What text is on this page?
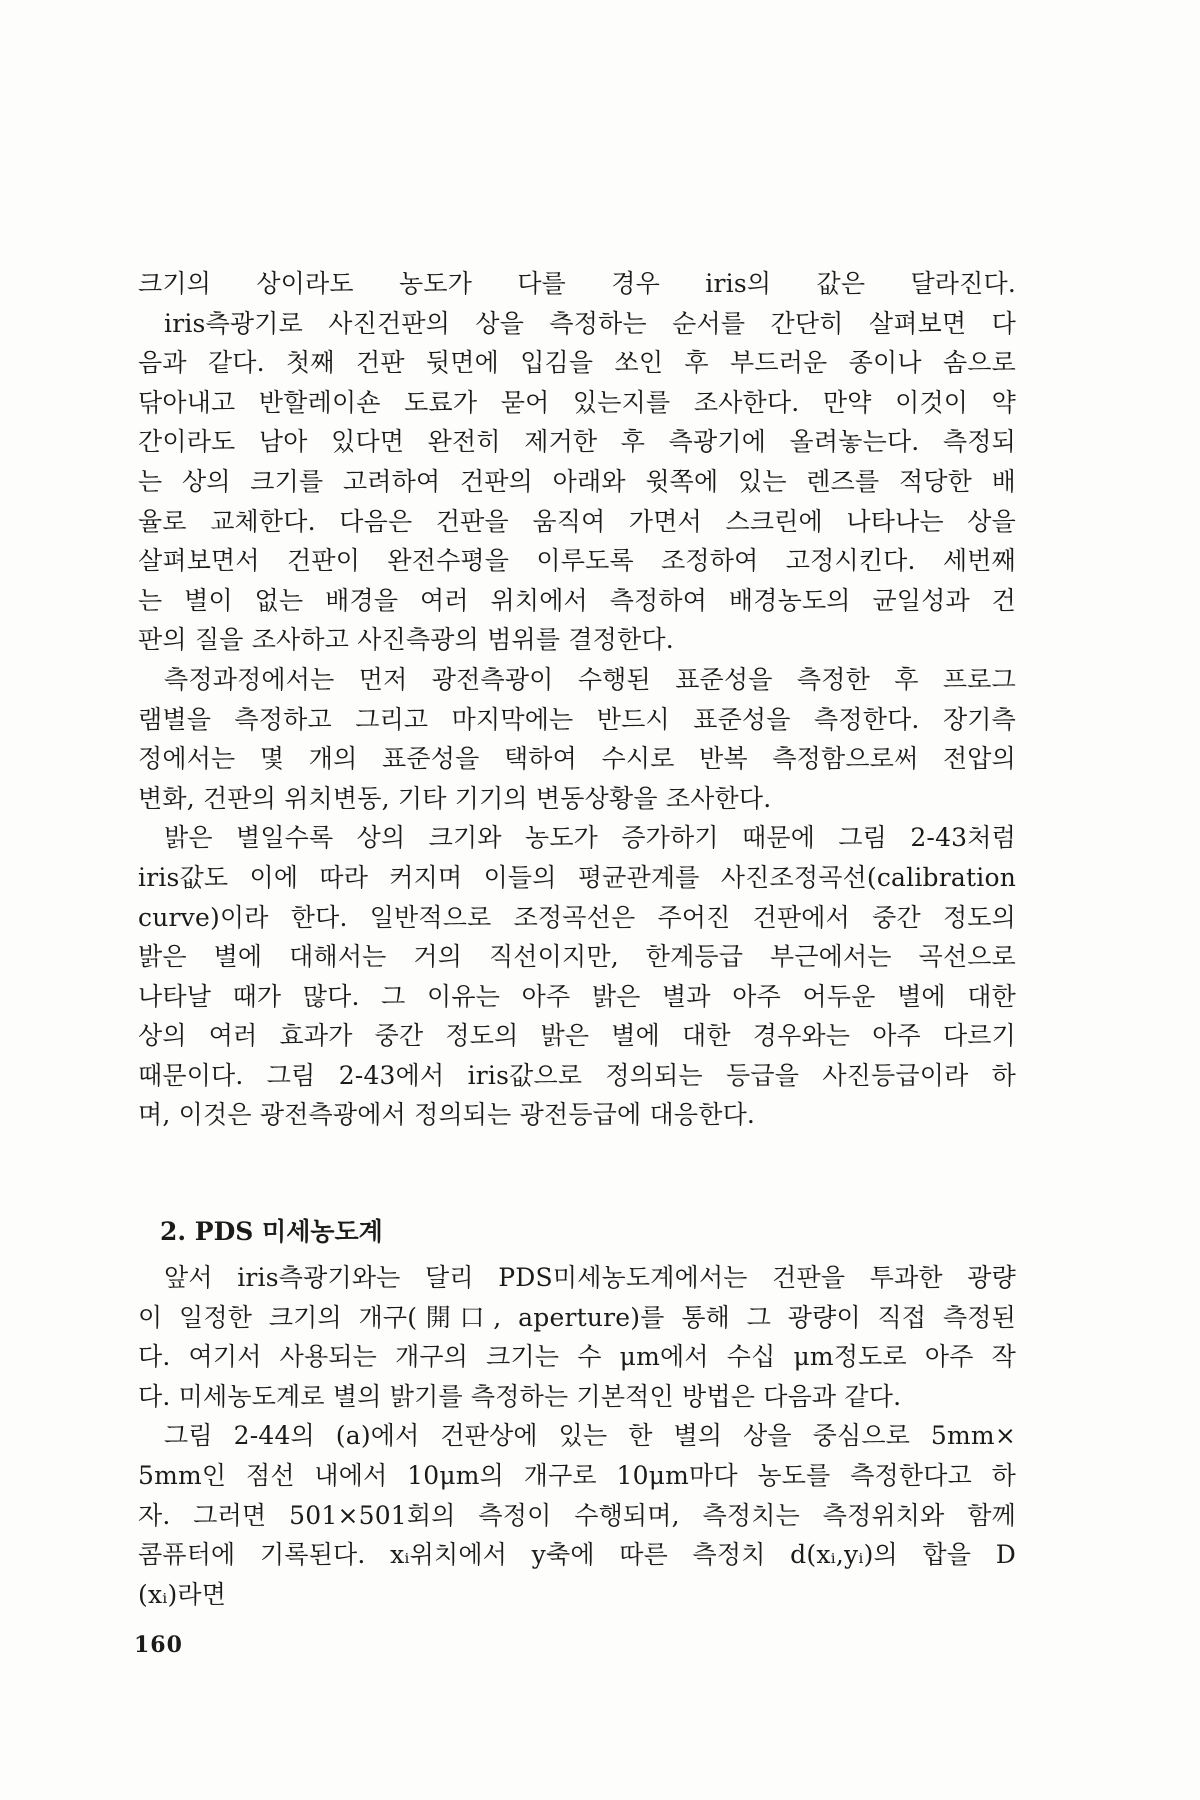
크기의 상이라도 농도가 다를 경우 iris의 값은 달라진다.
iris측광기로 사진건판의 상을 측정하는 순서를 간단히 살펴보면 다
음과 같다. 첫째 건판 뒷면에 입김을 쏘인 후 부드러운 종이나 솜으로
닦아내고 반할레이숀 도료가 묻어 있는지를 조사한다. 만약 이것이 약
간이라도 남아 있다면 완전히 제거한 후 측광기에 올려놓는다. 측정되
는 상의 크기를 고려하여 건판의 아래와 윗쪽에 있는 렌즈를 적당한 배
율로 교체한다. 다음은 건판을 움직여 가면서 스크린에 나타나는 상을
살펴보면서 건판이 완전수평을 이루도록 조정하여 고정시킨다. 세번째
는 별이 없는 배경을 여러 위치에서 측정하여 배경농도의 균일성과 건
판의 질을 조사하고 사진측광의 범위를 결정한다.
측정과정에서는 먼저 광전측광이 수행된 표준성을 측정한 후 프로그
램별을 측정하고 그리고 마지막에는 반드시 표준성을 측정한다. 장기측
정에서는 몇 개의 표준성을 택하여 수시로 반복 측정함으로써 전압의
변화, 건판의 위치변동, 기타 기기의 변동상황을 조사한다.
밝은 별일수록 상의 크기와 농도가 증가하기 때문에 그림 2-43처럼
iris값도 이에 따라 커지며 이들의 평균관계를 사진조정곡선(calibration
curve)이라 한다. 일반적으로 조정곡선은 주어진 건판에서 중간 정도의
밝은 별에 대해서는 거의 직선이지만, 한계등급 부근에서는 곡선으로
나타날 때가 많다. 그 이유는 아주 밝은 별과 아주 어두운 별에 대한
상의 여러 효과가 중간 정도의 밝은 별에 대한 경우와는 아주 다르기
때문이다. 그림 2-43에서 iris값으로 정의되는 등급을 사진등급이라 하
며, 이것은 광전측광에서 정의되는 광전등급에 대응한다.
2. PDS 미세농도계
앞서 iris측광기와는 달리 PDS미세농도계에서는 건판을 투과한 광량
이 일정한 크기의 개구(開口, aperture)를 통해 그 광량이 직접 측정된
다. 여기서 사용되는 개구의 크기는 수 μm에서 수십 μm정도로 아주 작
다. 미세농도계로 별의 밝기를 측정하는 기본적인 방법은 다음과 같다.
그림 2-44의 (a)에서 건판상에 있는 한 별의 상을 중심으로 5mm×
5mm인 점선 내에서 10μm의 개구로 10μm마다 농도를 측정한다고 하
자. 그러면 501×501회의 측정이 수행되며, 측정치는 측정위치와 함께
콤퓨터에 기록된다. xᵢ위치에서 y축에 따른 측정치 d(xᵢ,yᵢ)의 합을 D
(xᵢ)라면
160
